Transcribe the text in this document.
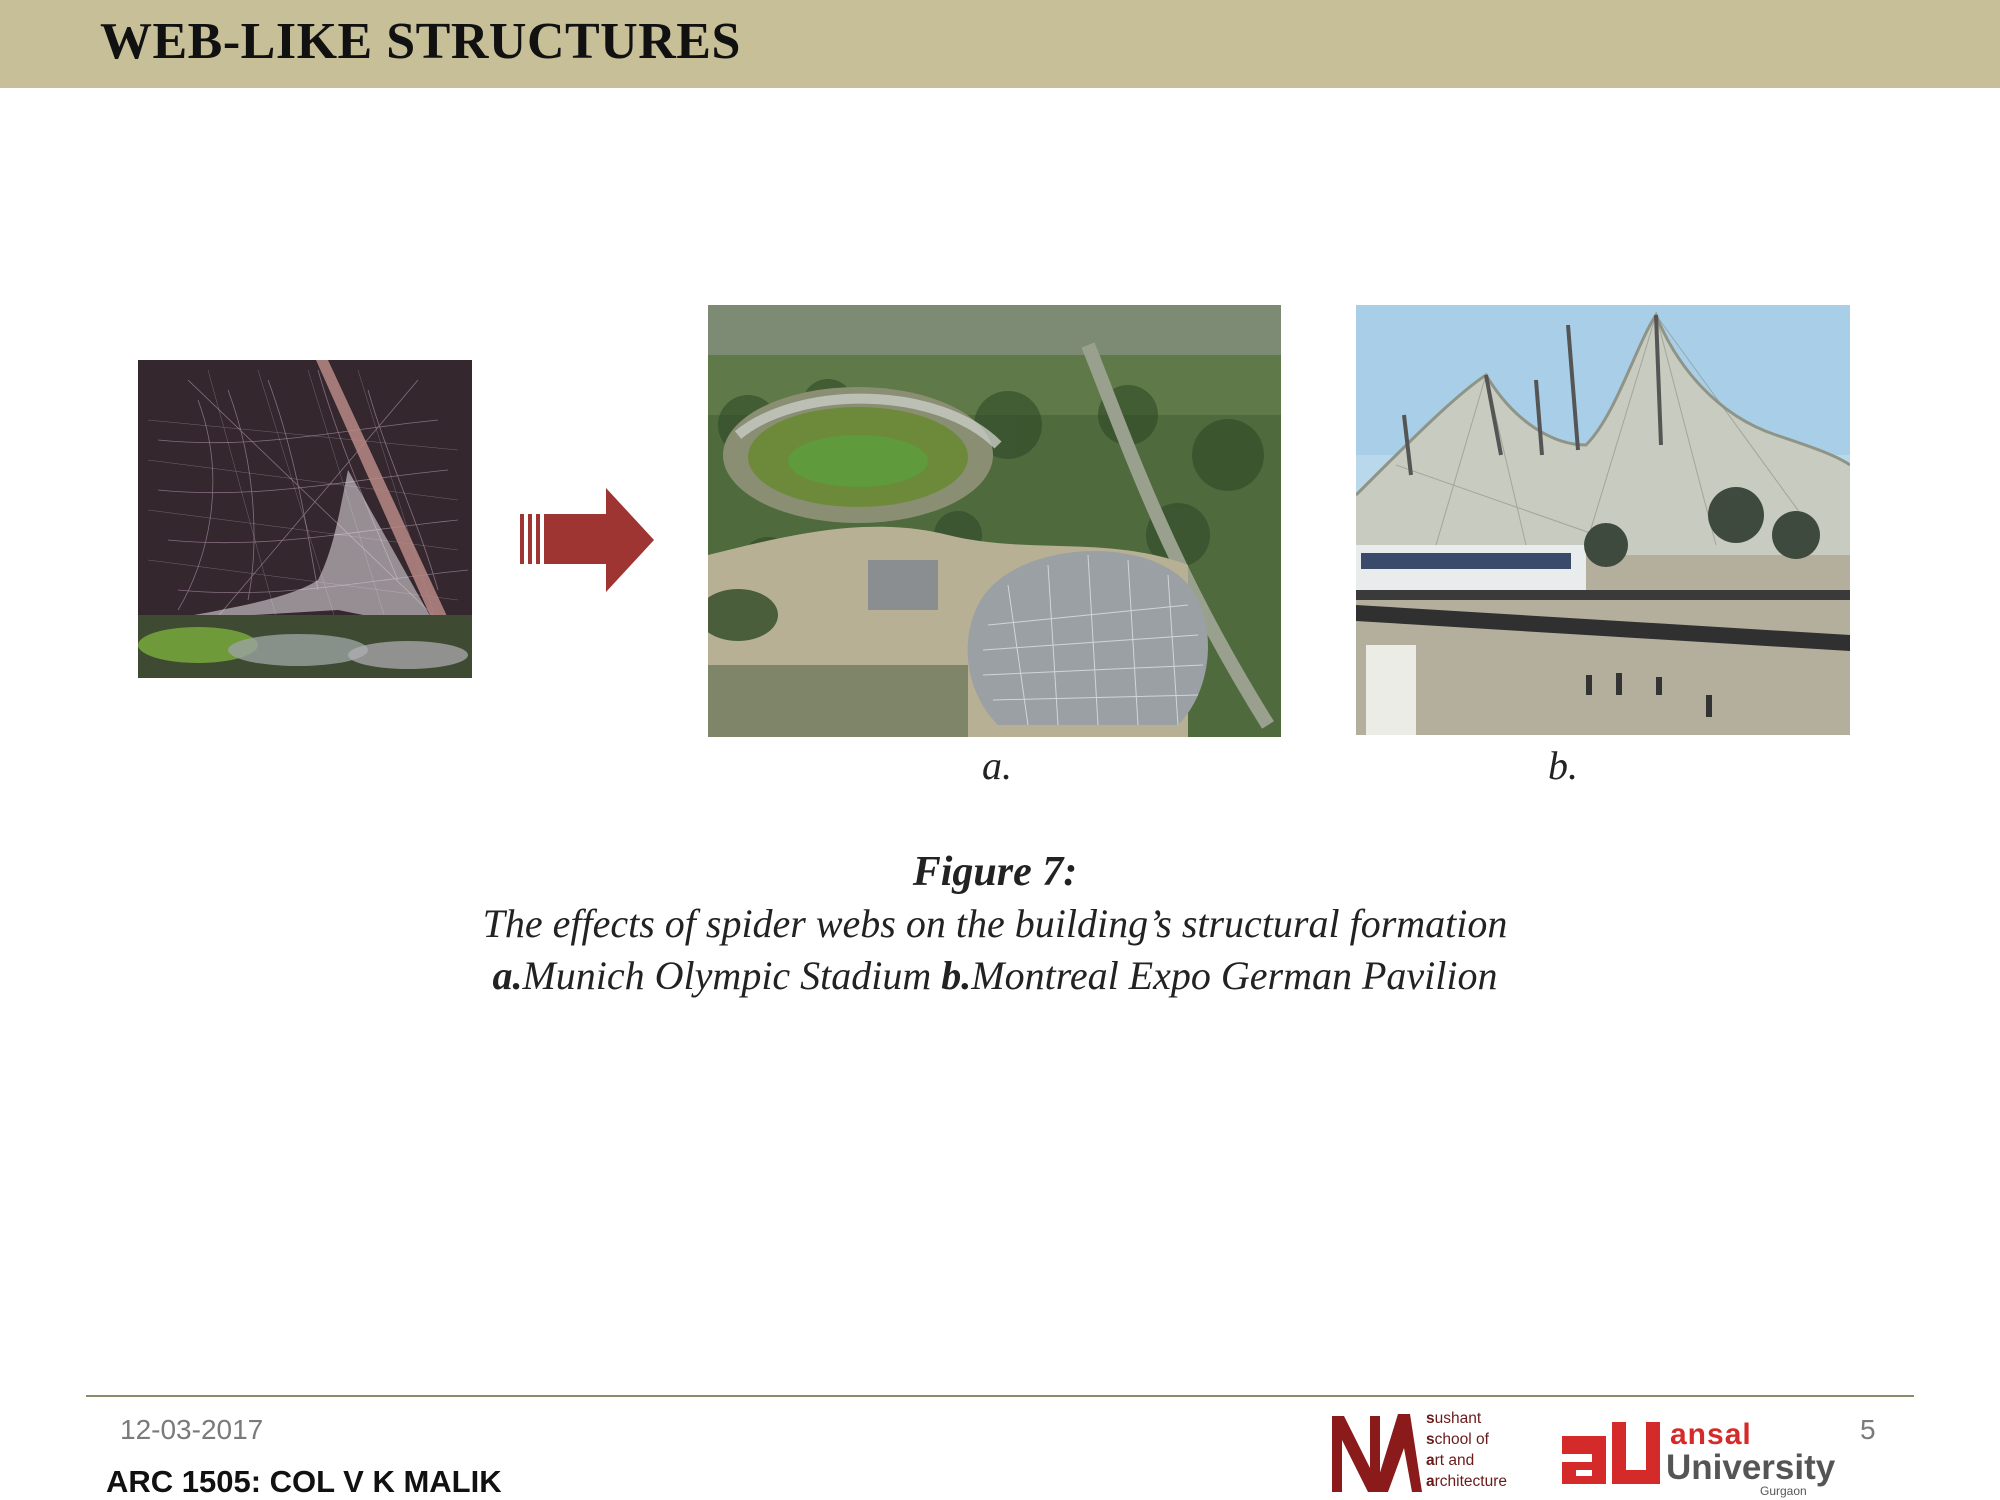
WEB-LIKE STRUCTURES
a.	b.
Figure 7:
The effects of spider webs on the building’s structural formation
a.Munich Olympic Stadium b.Montreal Expo German Pavilion
12-03-2017
ARC 1505: COL V K MALIK
5
sushant
school of
art and
architecture
ansal
University
Gurgaon
